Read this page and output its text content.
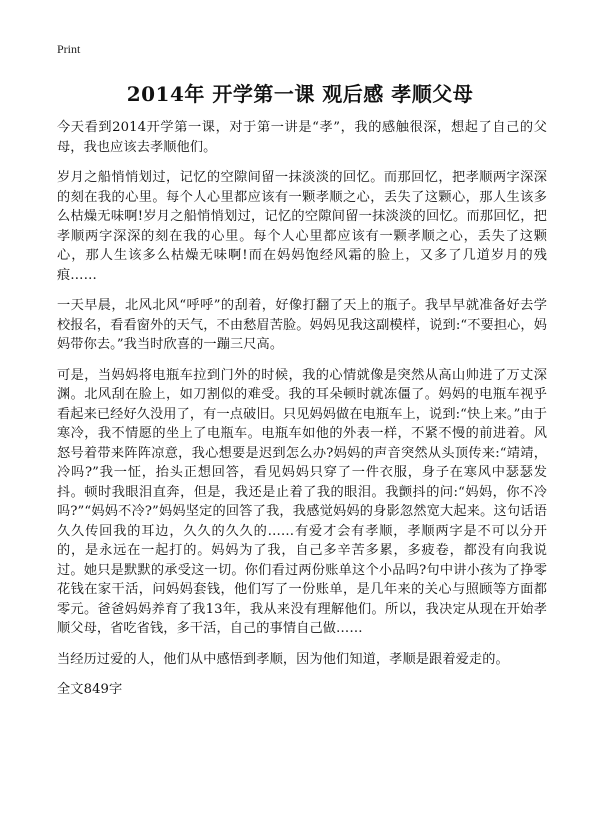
Print
2014年 开学第一课 观后感 孝顺父母

今天看到2014开学第一课，对于第一讲是“孝”，我的感触很深，想起了自己的父母，我也应该去孝顺他们。

岁月之船悄悄划过，记忆的空隙间留一抹淡淡的回忆。而那回忆，把孝顺两字深深的刻在我的心里。每个人心里都应该有一颗孝顺之心，丢失了这颗心，那人生该多么枯燥无味啊!岁月之船悄悄划过，记忆的空隙间留一抹淡淡的回忆。而那回忆，把孝顺两字深深的刻在我的心里。每个人心里都应该有一颗孝顺之心，丢失了这颗心，那人生该多么枯燥无味啊!而在妈妈饱经风霜的脸上，又多了几道岁月的残痕……

一天早晨，北风北风“呼呼”的刮着，好像打翻了天上的瓶子。我早早就准备好去学校报名，看看窗外的天气，不由愁眉苦脸。妈妈见我这副模样，说到:“不要担心，妈妈带你去。”我当时欣喜的一蹦三尺高。

可是，当妈妈将电瓶车拉到门外的时候，我的心情就像是突然从高山帅进了万丈深渊。北风刮在脸上，如刀割似的难受。我的耳朵顿时就冻僵了。妈妈的电瓶车视乎看起来已经好久没用了，有一点破旧。只见妈妈做在电瓶车上，说到:“快上来。”由于寒冷，我不情愿的坐上了电瓶车。电瓶车如他的外表一样，不紧不慢的前进着。风怒号着带来阵阵凉意，我心想要是迟到怎么办?妈妈的声音突然从头顶传来:“靖靖，冷吗?”我一怔，抬头正想回答，看见妈妈只穿了一件衣服，身子在寒风中瑟瑟发抖。顿时我眼泪直奔，但是，我还是止着了我的眼泪。我颤抖的问:“妈妈，你不冷吗?”“妈妈不冷?”妈妈坚定的回答了我，我感觉妈妈的身影忽然宽大起来。这句话语久久传回我的耳边，久久的久久的……有爱才会有孝顺，孝顺两字是不可以分开的，是永远在一起打的。妈妈为了我，自己多辛苦多累，多疲卷，都没有向我说过。她只是默默的承受这一切。你们看过两份账单这个小品吗?句中讲小孩为了挣零花钱在家干活，问妈妈套钱，他们写了一份账单，是几年来的关心与照顾等方面都零元。爸爸妈妈养育了我13年，我从来没有理解他们。所以，我决定从现在开始孝顺父母，省吃省钱，多干活，自己的事情自己做……

当经历过爱的人，他们从中感悟到孝顺，因为他们知道，孝顺是跟着爱走的。

全文849字
